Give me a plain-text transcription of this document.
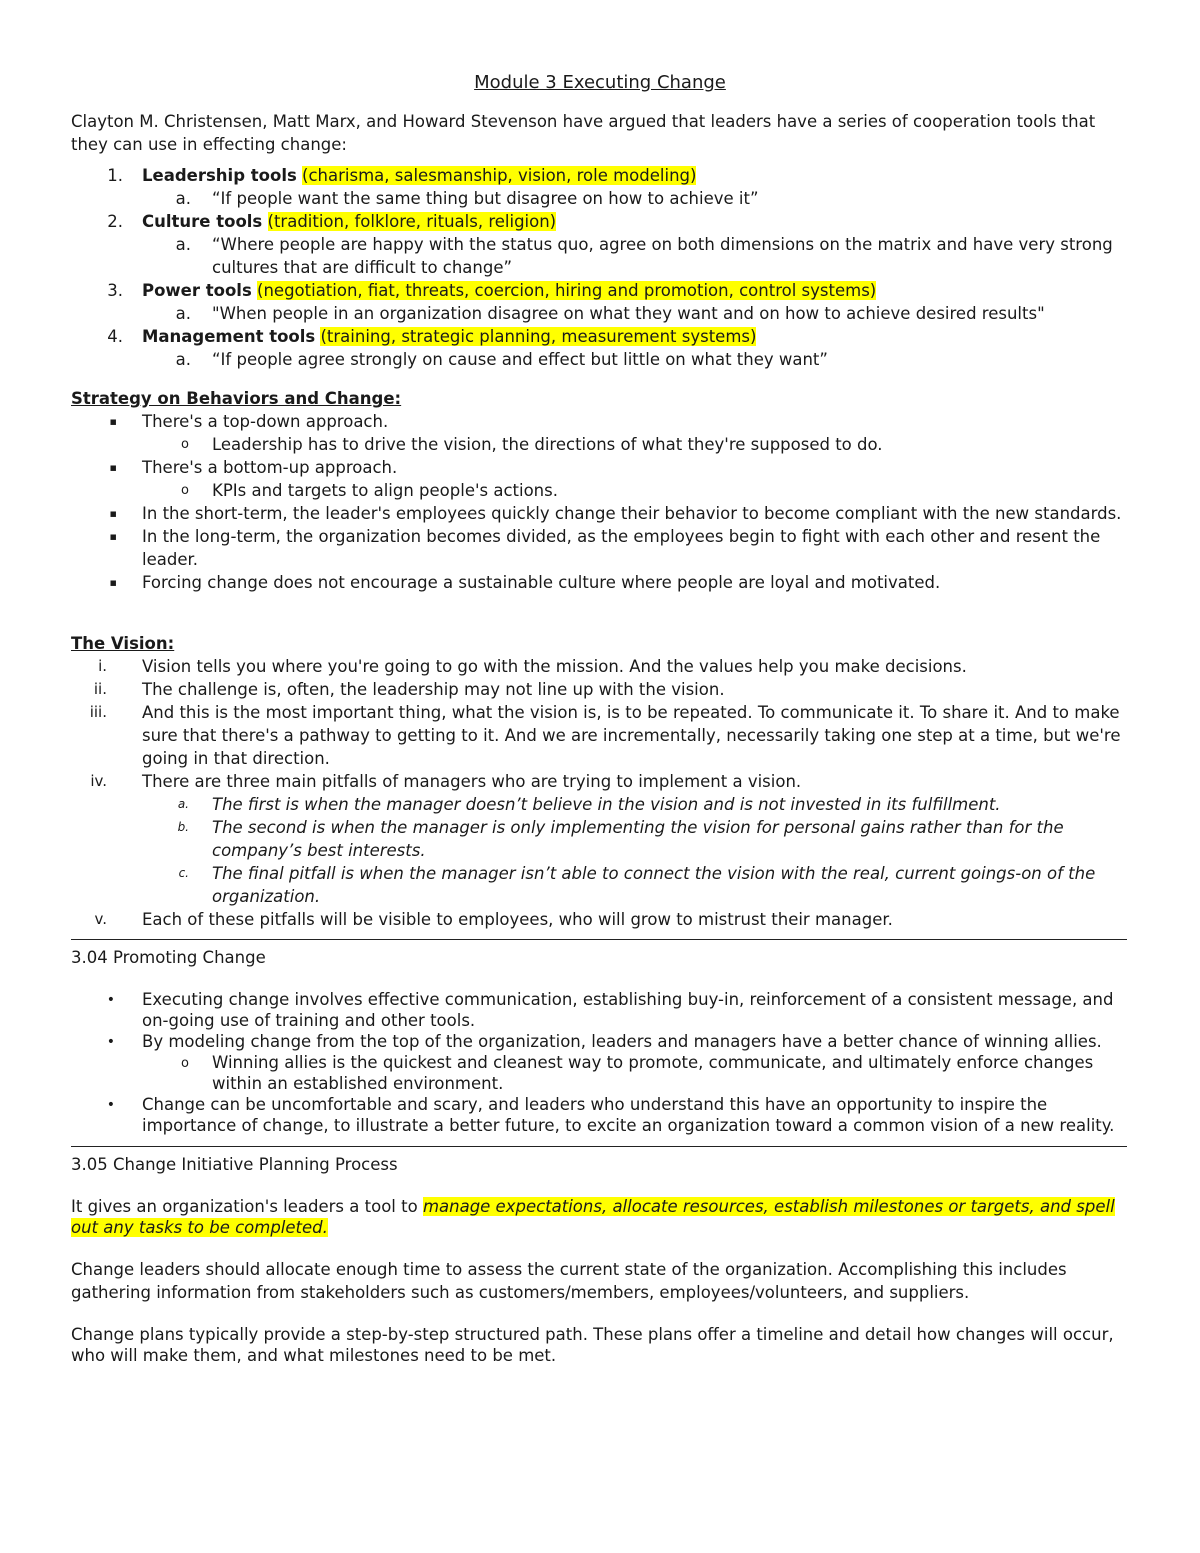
Module 3 Executing Change

Clayton M. Christensen, Matt Marx, and Howard Stevenson have argued that leaders have a series of cooperation tools that they can use in effecting change:

1. Leadership tools (charisma, salesmanship, vision, role modeling)
a. “If people want the same thing but disagree on how to achieve it”
2. Culture tools (tradition, folklore, rituals, religion)
a. “Where people are happy with the status quo, agree on both dimensions on the matrix and have very strong cultures that are difficult to change”
3. Power tools (negotiation, fiat, threats, coercion, hiring and promotion, control systems)
a. "When people in an organization disagree on what they want and on how to achieve desired results"
4. Management tools (training, strategic planning, measurement systems)
a. “If people agree strongly on cause and effect but little on what they want”
Strategy on Behaviors and Change:
▪ There's a top-down approach.
o Leadership has to drive the vision, the directions of what they're supposed to do.
▪ There's a bottom-up approach.
o KPIs and targets to align people's actions.
▪ In the short-term, the leader's employees quickly change their behavior to become compliant with the new standards.
▪ In the long-term, the organization becomes divided, as the employees begin to fight with each other and resent the leader.
▪ Forcing change does not encourage a sustainable culture where people are loyal and motivated.
The Vision:
i. Vision tells you where you're going to go with the mission. And the values help you make decisions.
ii. The challenge is, often, the leadership may not line up with the vision.
iii. And this is the most important thing, what the vision is, is to be repeated. To communicate it. To share it. And to make sure that there's a pathway to getting to it. And we are incrementally, necessarily taking one step at a time, but we're going in that direction.
iv. There are three main pitfalls of managers who are trying to implement a vision.
a. The first is when the manager doesn’t believe in the vision and is not invested in its fulfillment.
b. The second is when the manager is only implementing the vision for personal gains rather than for the company’s best interests.
c. The final pitfall is when the manager isn’t able to connect the vision with the real, current goings-on of the organization.
v. Each of these pitfalls will be visible to employees, who will grow to mistrust their manager.
3.04 Promoting Change
• Executing change involves effective communication, establishing buy-in, reinforcement of a consistent message, and on-going use of training and other tools.
• By modeling change from the top of the organization, leaders and managers have a better chance of winning allies.
o Winning allies is the quickest and cleanest way to promote, communicate, and ultimately enforce changes within an established environment.
• Change can be uncomfortable and scary, and leaders who understand this have an opportunity to inspire the importance of change, to illustrate a better future, to excite an organization toward a common vision of a new reality.
3.05 Change Initiative Planning Process

It gives an organization's leaders a tool to manage expectations, allocate resources, establish milestones or targets, and spell out any tasks to be completed.

Change leaders should allocate enough time to assess the current state of the organization. Accomplishing this includes gathering information from stakeholders such as customers/members, employees/volunteers, and suppliers.

Change plans typically provide a step-by-step structured path. These plans offer a timeline and detail how changes will occur, who will make them, and what milestones need to be met.
